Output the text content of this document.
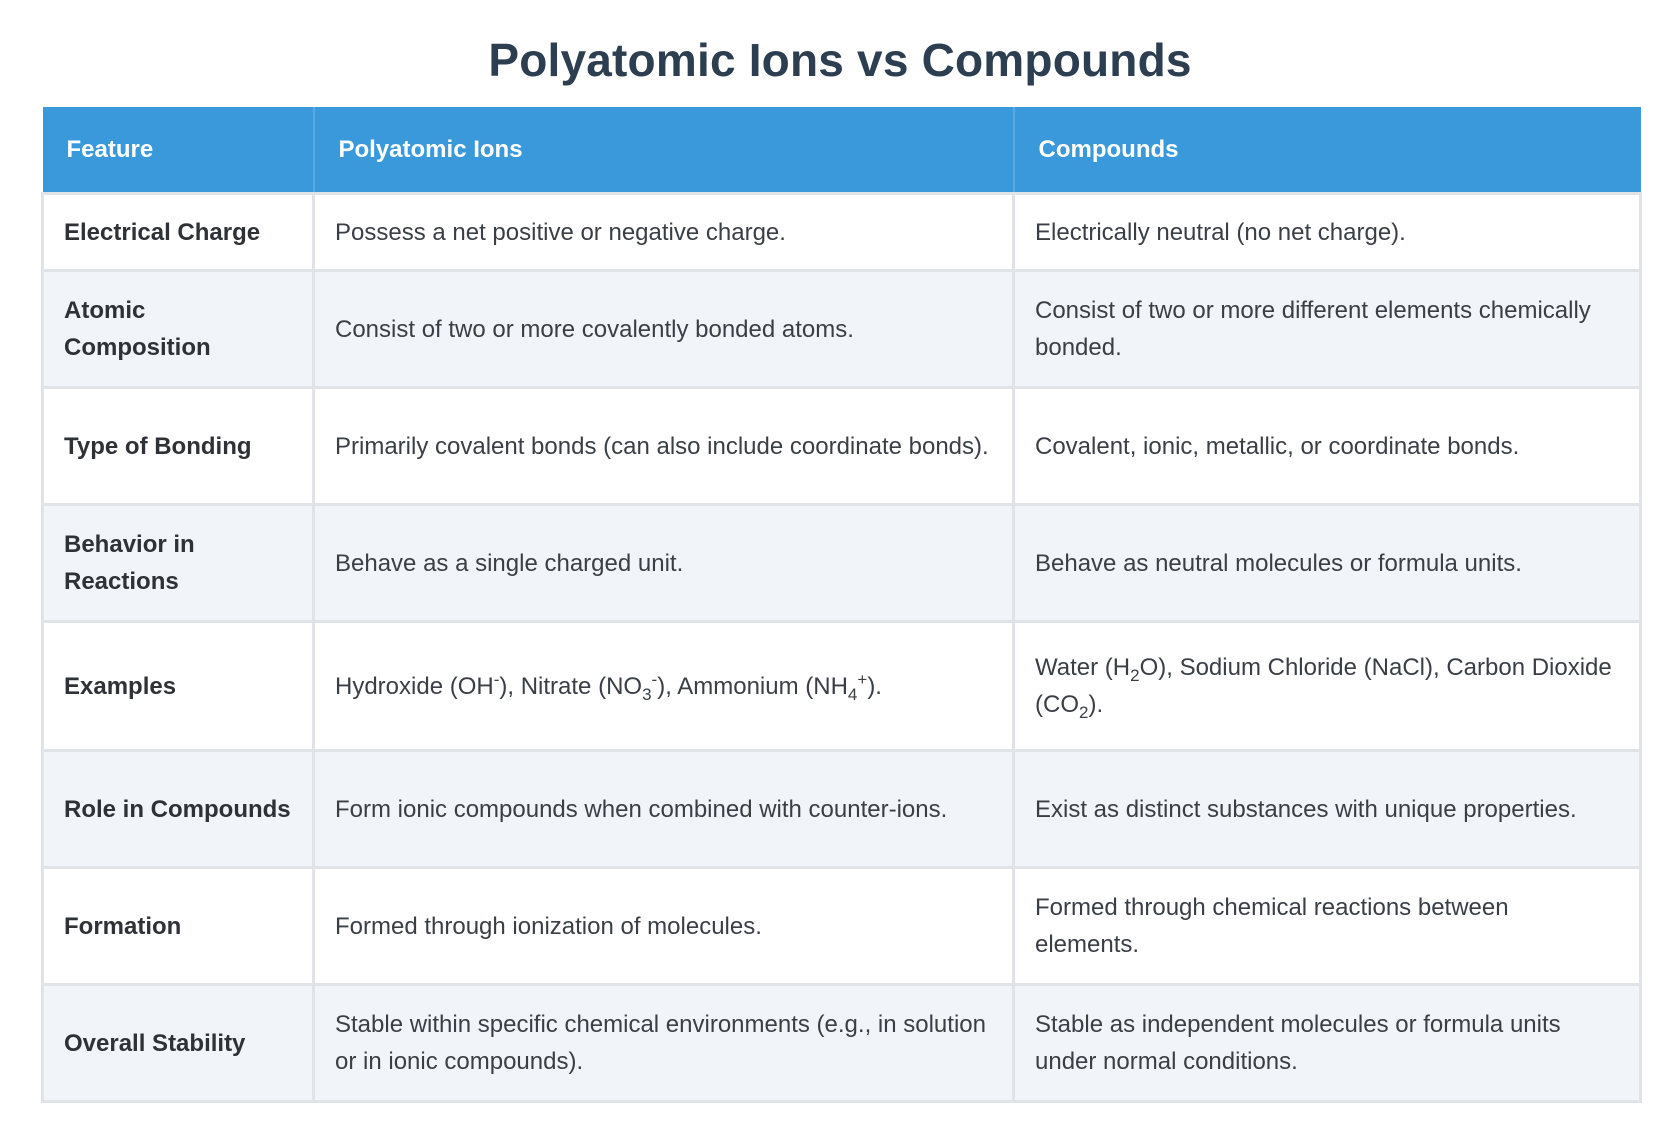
Polyatomic Ions vs Compounds
Feature	Polyatomic Ions	Compounds
Electrical Charge	Possess a net positive or negative charge.	Electrically neutral (no net charge).
Atomic Composition	Consist of two or more covalently bonded atoms.	Consist of two or more different elements chemically bonded.
Type of Bonding	Primarily covalent bonds (can also include coordinate bonds).	Covalent, ionic, metallic, or coordinate bonds.
Behavior in Reactions	Behave as a single charged unit.	Behave as neutral molecules or formula units.
Examples	Hydroxide (OH-), Nitrate $(NO_3^-)$, Ammonium $(NH_4^+)$.	Water $(H_2O)$, Sodium Chloride (NaCl), Carbon Dioxide $(CO_2)$.
Role in Compounds	Form ionic compounds when combined with counter-ions.	Exist as distinct substances with unique properties.
Formation	Formed through ionization of molecules.	Formed through chemical reactions between elements.
Overall Stability	Stable within specific chemical environments (e.g., in solution or in ionic compounds).	Stable as independent molecules or formula units under normal conditions.
